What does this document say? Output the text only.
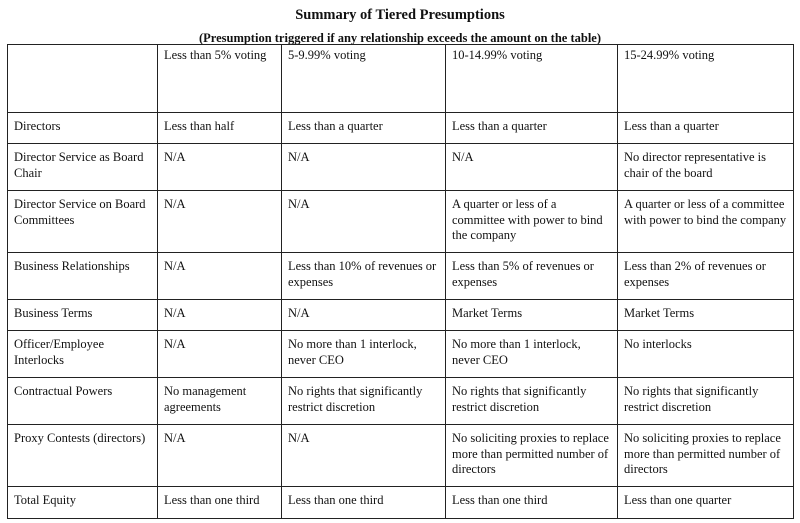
Summary of Tiered Presumptions
(Presumption triggered if any relationship exceeds the amount on the table)
	Less than 5% voting	5-9.99% voting	10-14.99% voting	15-24.99% voting
Directors	Less than half	Less than a quarter	Less than a quarter	Less than a quarter
Director Service as Board Chair	N/A	N/A	N/A	No director representative is chair of the board
Director Service on Board Committees	N/A	N/A	A quarter or less of a committee with power to bind the company	A quarter or less of a committee with power to bind the company
Business Relationships	N/A	Less than 10% of revenues or expenses	Less than 5% of revenues or expenses	Less than 2% of revenues or expenses
Business Terms	N/A	N/A	Market Terms	Market Terms
Officer/Employee Interlocks	N/A	No more than 1 interlock, never CEO	No more than 1 interlock, never CEO	No interlocks
Contractual Powers	No management agreements	No rights that significantly restrict discretion	No rights that significantly restrict discretion	No rights that significantly restrict discretion
Proxy Contests (directors)	N/A	N/A	No soliciting proxies to replace more than permitted number of directors	No soliciting proxies to replace more than permitted number of directors
Total Equity	Less than one third	Less than one third	Less than one third	Less than one quarter
